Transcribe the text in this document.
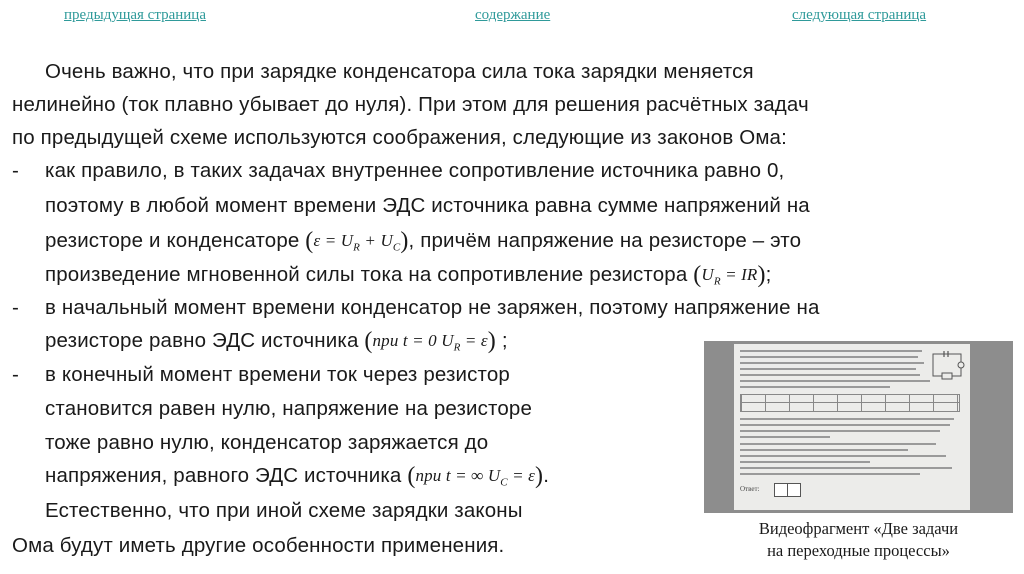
предыдущая страница	содержание	следующая страница
Очень важно, что при зарядке конденсатора сила тока зарядки меняется
нелинейно (ток плавно убывает до нуля). При этом для решения расчётных задач
по предыдущей схеме используются соображения, следующие из законов Ома:
- как правило, в таких задачах внутреннее сопротивление источника равно 0,
поэтому в любой момент времени ЭДС источника равна сумме напряжений на
резисторе и конденсаторе $(\varepsilon = U_R + U_C)$, причём напряжение на резисторе – это
произведение мгновенной силы тока на сопротивление резистора $(U_R = IR)$;
- в начальный момент времени конденсатор не заряжен, поэтому напряжение на
резисторе равно ЭДС источника (при t = 0 $U_R = \varepsilon$) ;
- в конечный момент времени ток через резистор
становится равен нулю, напряжение на резисторе
тоже равно нулю, конденсатор заряжается до
напряжения, равного ЭДС источника (при t = ∞ $U_C = \varepsilon$).
Естественно, что при иной схеме зарядки законы
Ома будут иметь другие особенности применения.
Ответ:
Видеофрагмент «Две задачи
на переходные процессы»
